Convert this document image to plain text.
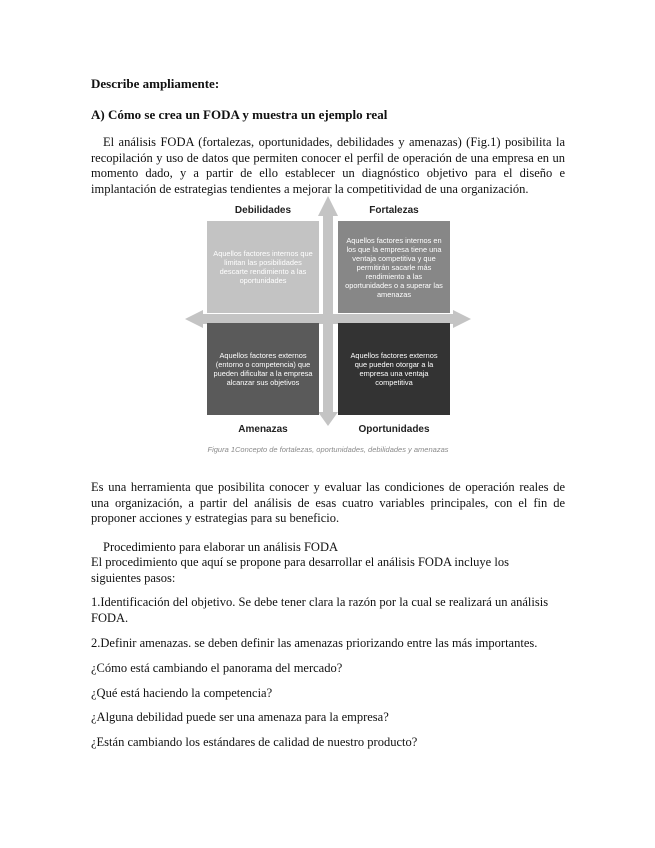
Describe ampliamente:
A) Cómo se crea un FODA y muestra un ejemplo real
El análisis FODA (fortalezas, oportunidades, debilidades y amenazas) (Fig.1) posibilita la recopilación y uso de datos que permiten conocer el perfil de operación de una empresa en un momento dado, y a partir de ello establecer un diagnóstico objetivo para el diseño e implantación de estrategias tendientes a mejorar la competitividad de una organización.
Debilidades	Fortalezas
Amenazas	Oportunidades
Aquellos factores internos que limitan las posibilidades descarte rendimiento a las oportunidades
Aquellos factores internos en los que la empresa tiene una ventaja competitiva y que permitirán sacarle más rendimiento a las oportunidades o a superar las amenazas
Aquellos factores externos (entorno o competencia) que pueden dificultar a la empresa alcanzar sus objetivos
Aquellos factores externos que pueden otorgar a la empresa una ventaja competitiva
Figura 1Concepto de fortalezas, oportunidades, debilidades y amenazas
Es una herramienta que posibilita conocer y evaluar las condiciones de operación reales de una organización, a partir del análisis de esas cuatro variables principales, con el fin de proponer acciones y estrategias para su beneficio.
Procedimiento para elaborar un análisis FODA
El procedimiento que aquí se propone para desarrollar el análisis FODA incluye los siguientes pasos:
1.Identificación del objetivo. Se debe tener clara la razón por la cual se realizará un análisis FODA.
2.Definir amenazas. se deben definir las amenazas priorizando entre las más importantes.
¿Cómo está cambiando el panorama del mercado?
¿Qué está haciendo la competencia?
¿Alguna debilidad puede ser una amenaza para la empresa?
¿Están cambiando los estándares de calidad de nuestro producto?
